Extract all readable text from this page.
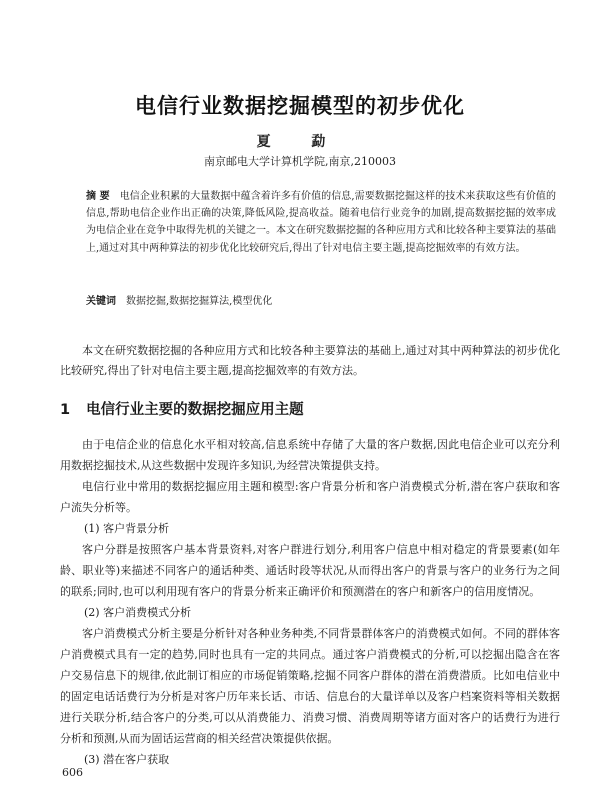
电信行业数据挖掘模型的初步优化
夏 勐
南京邮电大学计算机学院,南京,210003
摘 要 电信企业积累的大量数据中蕴含着许多有价值的信息,需要数据挖掘这样的技术来获取这些有价值的信息,帮助电信企业作出正确的决策,降低风险,提高收益。随着电信行业竞争的加剧,提高数据挖掘的效率成为电信企业在竞争中取得先机的关键之一。本文在研究数据挖掘的各种应用方式和比较各种主要算法的基础上,通过对其中两种算法的初步优化比较研究后,得出了针对电信主要主题,提高挖掘效率的有效方法。
关键词 数据挖掘,数据挖掘算法,模型优化
本文在研究数据挖掘的各种应用方式和比较各种主要算法的基础上,通过对其中两种算法的初步优化比较研究,得出了针对电信主要主题,提高挖掘效率的有效方法。
1 电信行业主要的数据挖掘应用主题

由于电信企业的信息化水平相对较高,信息系统中存储了大量的客户数据,因此电信企业可以充分利用数据挖掘技术,从这些数据中发现许多知识,为经营决策提供支持。

电信行业中常用的数据挖掘应用主题和模型:客户背景分析和客户消费模式分析,潜在客户获取和客户流失分析等。

(1) 客户背景分析

客户分群是按照客户基本背景资料,对客户群进行划分,利用客户信息中相对稳定的背景要素(如年龄、职业等)来描述不同客户的通话种类、通话时段等状况,从而得出客户的背景与客户的业务行为之间的联系;同时,也可以利用现有客户的背景分析来正确评价和预测潜在的客户和新客户的信用度情况。

(2) 客户消费模式分析

客户消费模式分析主要是分析针对各种业务种类,不同背景群体客户的消费模式如何。不同的群体客户消费模式具有一定的趋势,同时也具有一定的共同点。通过客户消费模式的分析,可以挖掘出隐含在客户交易信息下的规律,依此制订相应的市场促销策略,挖掘不同客户群体的潜在消费潜质。比如电信业中的固定电话话费行为分析是对客户历年来长话、市话、信息台的大量详单以及客户档案资料等相关数据进行关联分析,结合客户的分类,可以从消费能力、消费习惯、消费周期等诸方面对客户的话费行为进行分析和预测,从而为固话运营商的相关经营决策提供依据。

(3) 潜在客户获取

606
